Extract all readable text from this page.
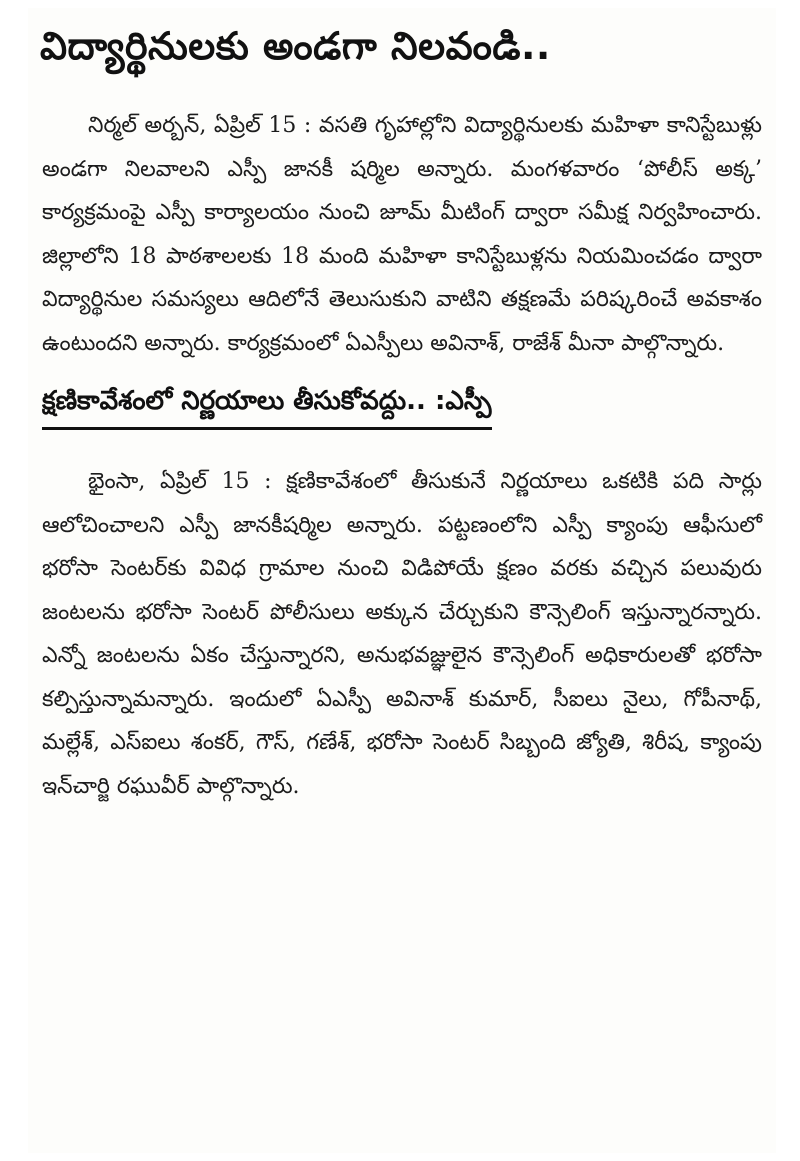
విద్యార్థినులకు అండగా నిలవండి..

నిర్మల్ అర్బన్, ఏప్రిల్ 15 : వసతి గృహాల్లోని విద్యార్థినులకు మహిళా కానిస్టేబుళ్లు అండగా నిలవాలని ఎస్పీ జానకీ షర్మిల అన్నారు. మంగళవారం ‘పోలీస్ అక్క’ కార్యక్రమంపై ఎస్పీ కార్యాలయం నుంచి జూమ్ మీటింగ్ ద్వారా సమీక్ష నిర్వహించారు. జిల్లాలోని 18 పాఠశాలలకు 18 మంది మహిళా కానిస్టేబుళ్లను నియమించడం ద్వారా విద్యార్థినుల సమస్యలు ఆదిలోనే తెలుసుకుని వాటిని తక్షణమే పరిష్కరించే అవకాశం ఉంటుందని అన్నారు. కార్యక్రమంలో ఏఎస్పీలు అవినాశ్, రాజేశ్ మీనా పాల్గొన్నారు.

క్షణికావేశంలో నిర్ణయాలు తీసుకోవద్దు.. :ఎస్పీ

భైంసా, ఏప్రిల్ 15 : క్షణికావేశంలో తీసుకునే నిర్ణయాలు ఒకటికి పది సార్లు ఆలోచించాలని ఎస్పీ జానకీషర్మిల అన్నారు. పట్టణంలోని ఎస్పీ క్యాంపు ఆఫీసులో భరోసా సెంటర్‌కు వివిధ గ్రామాల నుంచి విడిపోయే క్షణం వరకు వచ్చిన పలువురు జంటలను భరోసా సెంటర్ పోలీసులు అక్కున చేర్చుకుని కౌన్సెలింగ్ ఇస్తున్నారన్నారు. ఎన్నో జంటలను ఏకం చేస్తున్నారని, అనుభవజ్ఞులైన కౌన్సెలింగ్ అధికారులతో భరోసా కల్పిస్తున్నామన్నారు. ఇందులో ఏఎస్పీ అవినాశ్ కుమార్, సీఐలు నైలు, గోపీనాథ్, మల్లేశ్, ఎస్ఐలు శంకర్, గౌస్, గణేశ్, భరోసా సెంటర్ సిబ్బంది జ్యోతి, శిరీష, క్యాంపు ఇన్‌చార్జి రఘువీర్ పాల్గొన్నారు.
